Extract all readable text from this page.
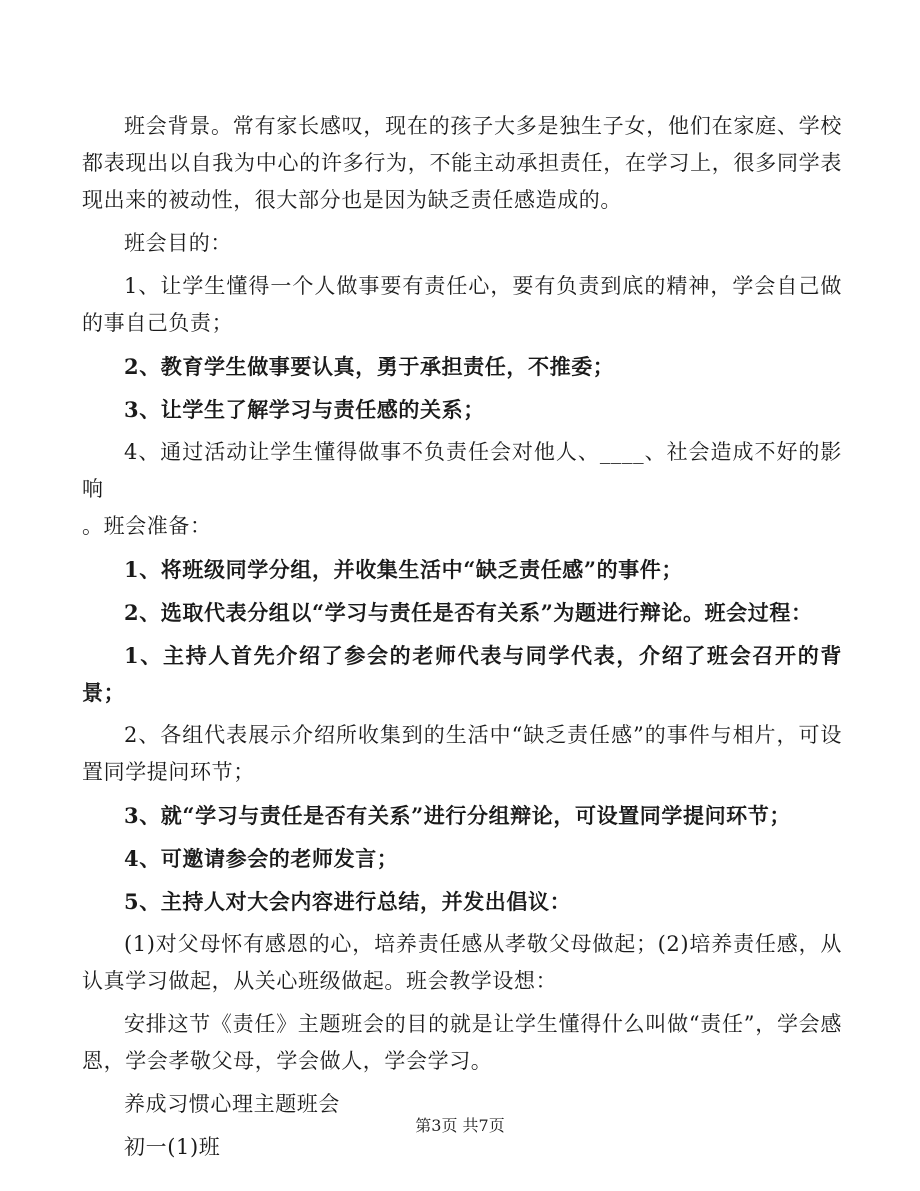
班会背景。常有家长感叹，现在的孩子大多是独生子女，他们在家庭、学校都表现出以自我为中心的许多行为，不能主动承担责任，在学习上，很多同学表现出来的被动性，很大部分也是因为缺乏责任感造成的。

班会目的：

1、让学生懂得一个人做事要有责任心，要有负责到底的精神，学会自己做的事自己负责；

2、教育学生做事要认真，勇于承担责任，不推委；

3、让学生了解学习与责任感的关系；

4、通过活动让学生懂得做事不负责任会对他人、____、社会造成不好的影响

。班会准备：

1、将班级同学分组，并收集生活中“缺乏责任感”的事件；

2、选取代表分组以“学习与责任是否有关系”为题进行辩论。班会过程：

1、主持人首先介绍了参会的老师代表与同学代表，介绍了班会召开的背景；

2、各组代表展示介绍所收集到的生活中“缺乏责任感”的事件与相片，可设置同学提问环节；

3、就“学习与责任是否有关系”进行分组辩论，可设置同学提问环节；

4、可邀请参会的老师发言；

5、主持人对大会内容进行总结，并发出倡议：

(1)对父母怀有感恩的心，培养责任感从孝敬父母做起；(2)培养责任感，从认真学习做起，从关心班级做起。班会教学设想：

安排这节《责任》主题班会的目的就是让学生懂得什么叫做“责任”，学会感恩，学会孝敬父母，学会做人，学会学习。

养成习惯心理主题班会

初一(1)班

第3页 共7页
